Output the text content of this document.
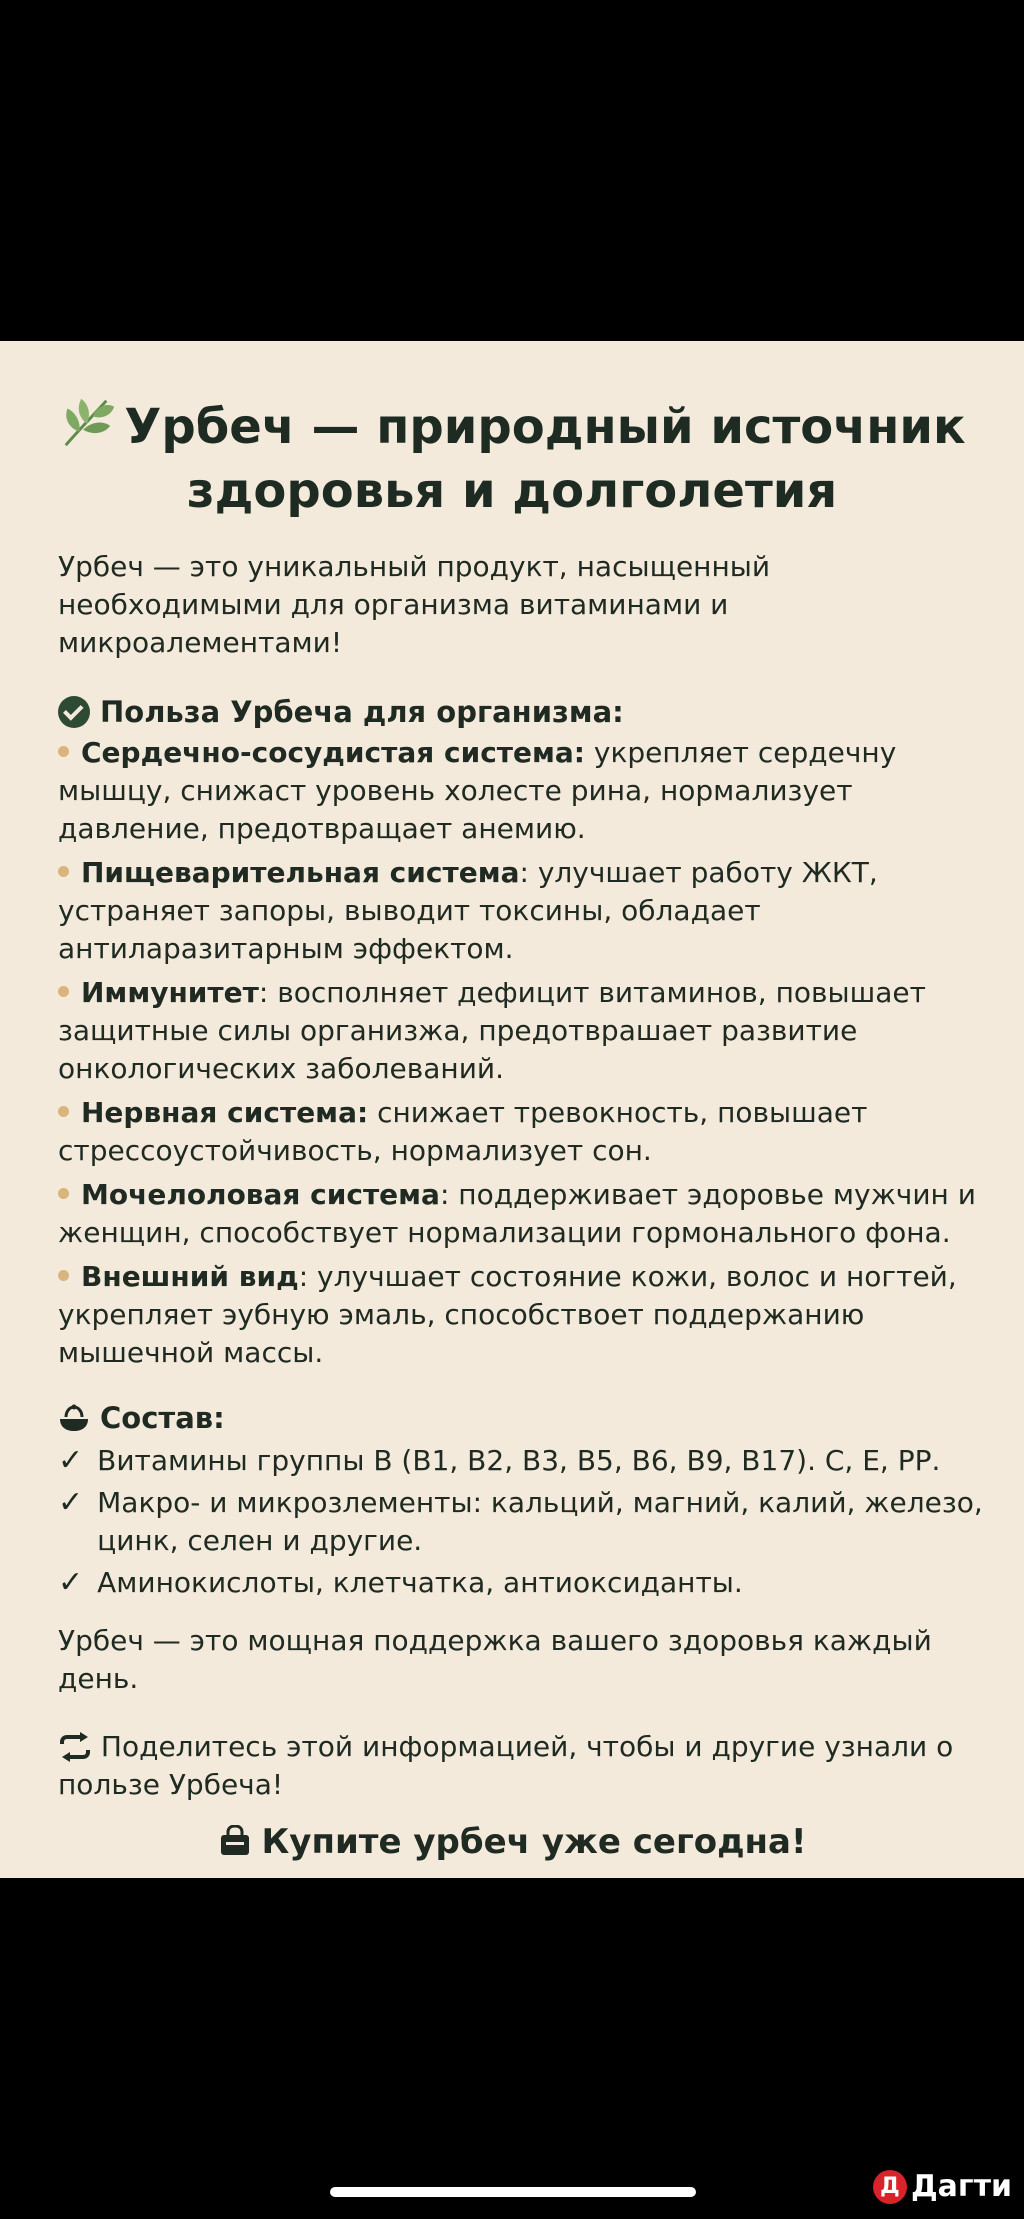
Урбеч — природный источник
здоровья и долголетия

Урбеч — это уникальный продукт, насыщенный необходимыми для организма витаминами и микроалементами!

Польза Урбеча для организма:
Сердечно-сосудистая система: укрепляет сердечну мышцу, снижаст уровень холесте рина, нормализует давление, предотвращает анемию.
Пищеварительная система: улучшает работу ЖКТ, устраняет запоры, выводит токсины, обладает антиларазитарным эффектом.
Иммунитет: восполняет дефицит витаминов, повышает защитные силы организжа, предотврашает развитие онкологических заболеваний.
Нервная система: снижает тревокность, повышает стрессоустойчивость, нормализует сон.
Мочелоловая система: поддерживает эдоровье мужчин и женщин, способствует нормализации гормонального фона.
Внешний вид: улучшает состояние кожи, волос и ногтей, укрепляет эубную эмаль, способствоет поддержанию мышечной массы.
Состав:
✓ Витамины группы В (В1, В2, В3, В5, В6, В9, В17). С, Е, РР.
✓ Макро- и микрозлементы: кальций, магний, калий, железо, цинк, селен и другие.
✓ Аминокислоты, клетчатка, антиоксиданты.

Урбеч — это мощная поддержка вашего здоровья каждый день.

Поделитесь этой информацией, чтобы и другие узнали о пользе Урбеча!

Купите урбеч уже сегодна!
Д Дагти
